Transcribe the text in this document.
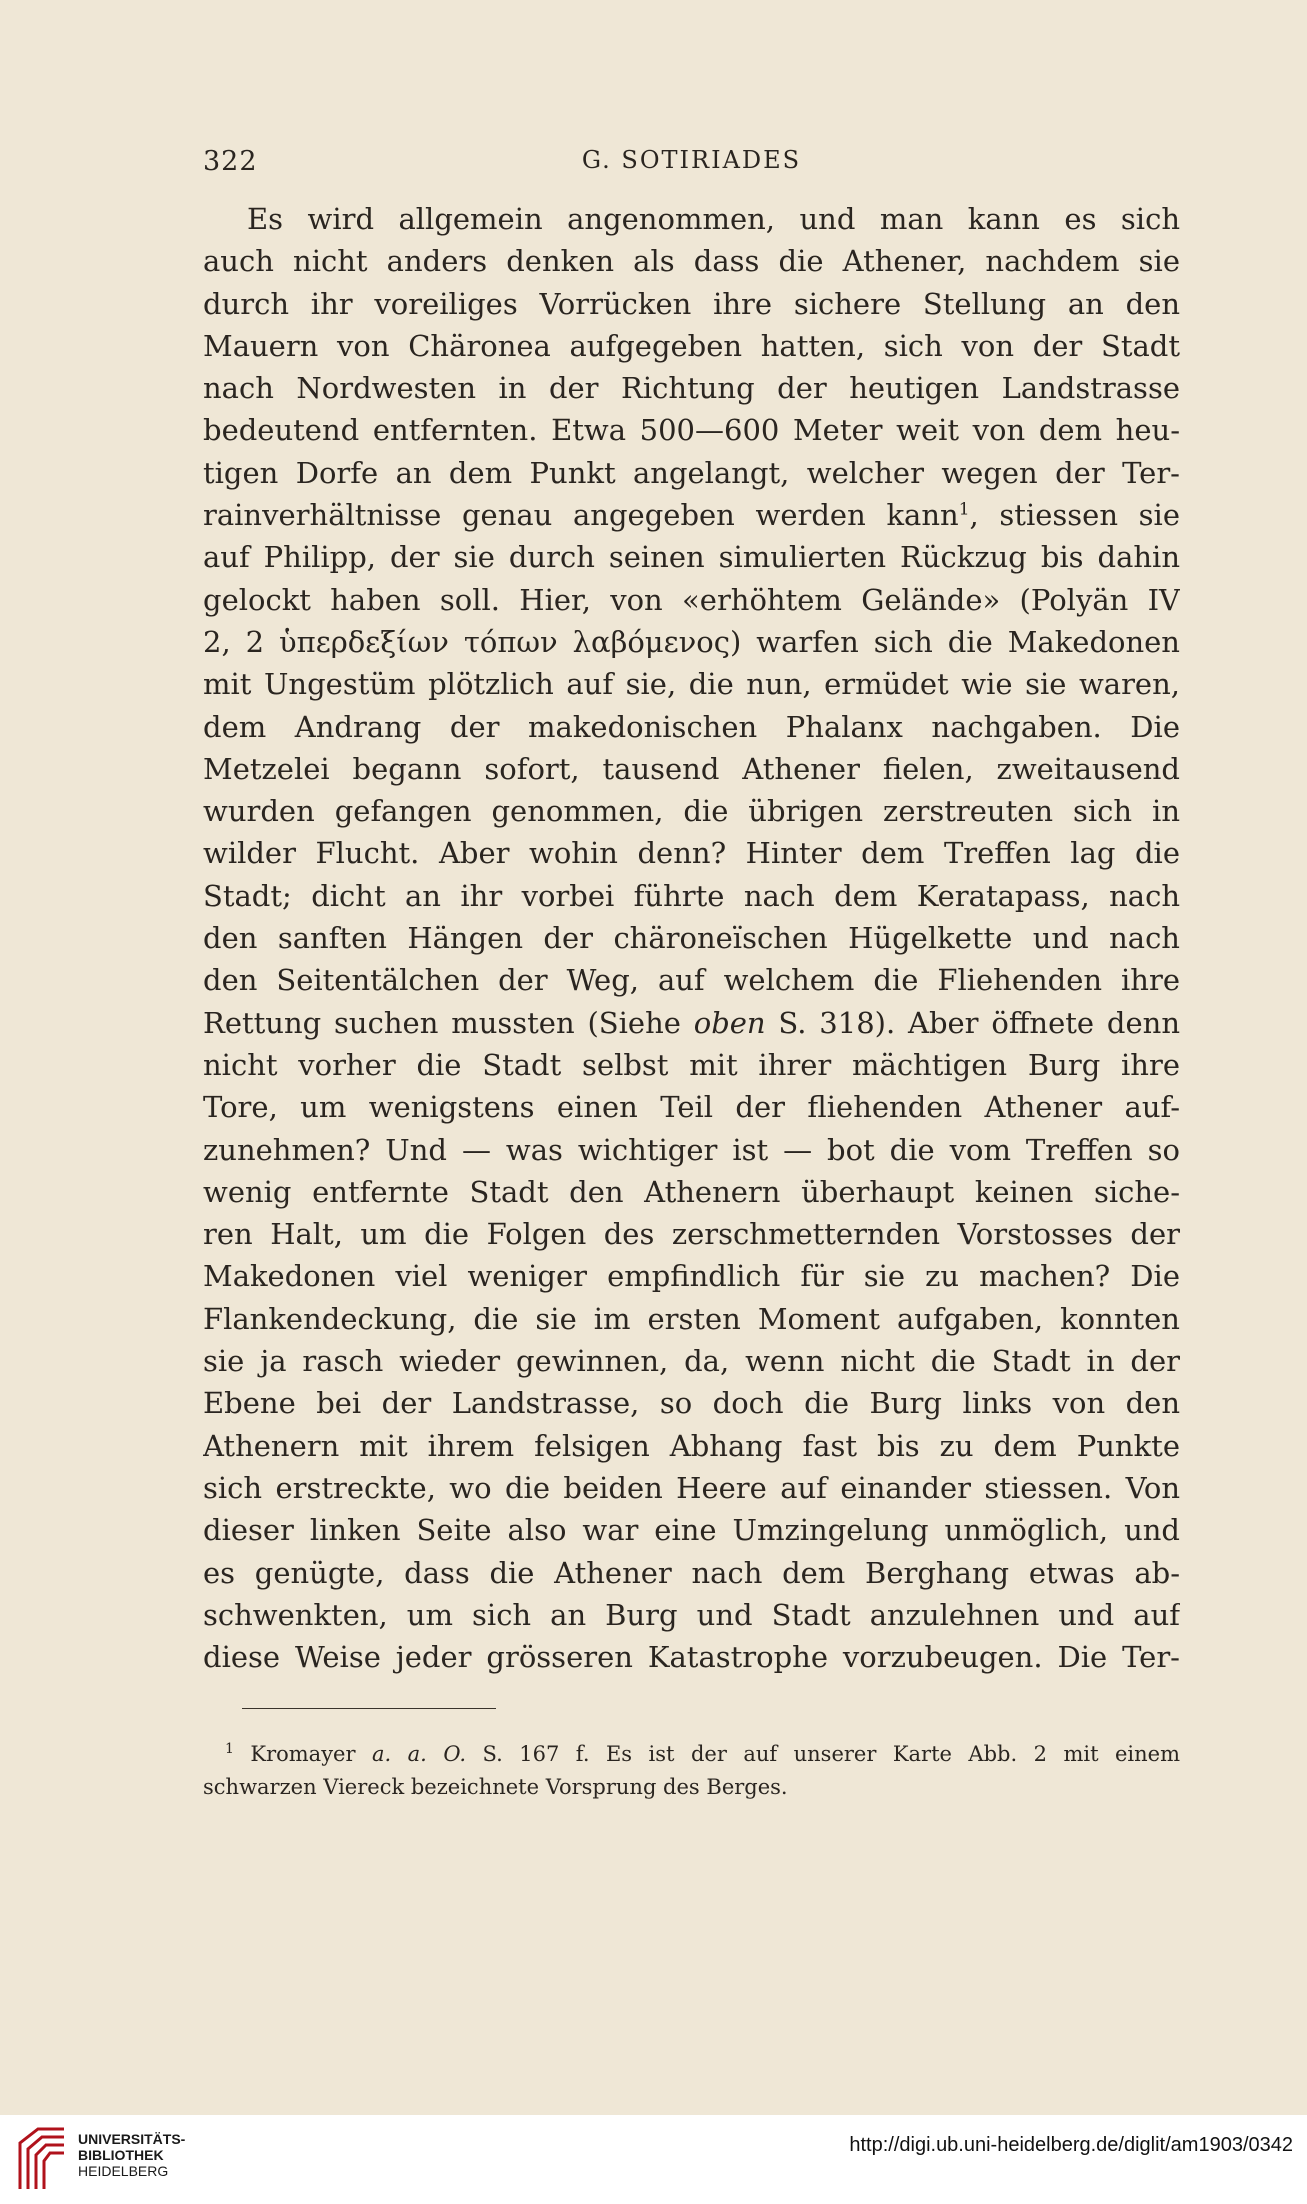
322	G. SOTIRIADES
Es wird allgemein angenommen, und man kann es sich
auch nicht anders denken als dass die Athener, nachdem sie
durch ihr voreiliges Vorrücken ihre sichere Stellung an den
Mauern von Chäronea aufgegeben hatten, sich von der Stadt
nach Nordwesten in der Richtung der heutigen Landstrasse
bedeutend entfernten. Etwa 500—600 Meter weit von dem heu-
tigen Dorfe an dem Punkt angelangt, welcher wegen der Ter-
rainverhältnisse genau angegeben werden kann$^1$, stiessen sie
auf Philipp, der sie durch seinen simulierten Rückzug bis dahin
gelockt haben soll. Hier, von «erhöhtem Gelände» (Polyän IV
2, 2 ὑπερδεξίων τόπων λαβόμενος) warfen sich die Makedonen
mit Ungestüm plötzlich auf sie, die nun, ermüdet wie sie waren,
dem Andrang der makedonischen Phalanx nachgaben. Die
Metzelei begann sofort, tausend Athener fielen, zweitausend
wurden gefangen genommen, die übrigen zerstreuten sich in
wilder Flucht. Aber wohin denn? Hinter dem Treffen lag die
Stadt; dicht an ihr vorbei führte nach dem Keratapass, nach
den sanften Hängen der chäroneïschen Hügelkette und nach
den Seitentälchen der Weg, auf welchem die Fliehenden ihre
Rettung suchen mussten (Siehe oben S. 318). Aber öffnete denn
nicht vorher die Stadt selbst mit ihrer mächtigen Burg ihre
Tore, um wenigstens einen Teil der fliehenden Athener auf-
zunehmen? Und — was wichtiger ist — bot die vom Treffen so
wenig entfernte Stadt den Athenern überhaupt keinen siche-
ren Halt, um die Folgen des zerschmetternden Vorstosses der
Makedonen viel weniger empfindlich für sie zu machen? Die
Flankendeckung, die sie im ersten Moment aufgaben, konnten
sie ja rasch wieder gewinnen, da, wenn nicht die Stadt in der
Ebene bei der Landstrasse, so doch die Burg links von den
Athenern mit ihrem felsigen Abhang fast bis zu dem Punkte
sich erstreckte, wo die beiden Heere auf einander stiessen. Von
dieser linken Seite also war eine Umzingelung unmöglich, und
es genügte, dass die Athener nach dem Berghang etwas ab-
schwenkten, um sich an Burg und Stadt anzulehnen und auf
diese Weise jeder grösseren Katastrophe vorzubeugen. Die Ter-
$^1$ Kromayer a. a. O. S. 167 f. Es ist der auf unserer Karte Abb. 2 mit einem
schwarzen Viereck bezeichnete Vorsprung des Berges.
UNIVERSITÄTS-
BIBLIOTHEK
HEIDELBERG
http://digi.ub.uni-heidelberg.de/diglit/am1903/0342
